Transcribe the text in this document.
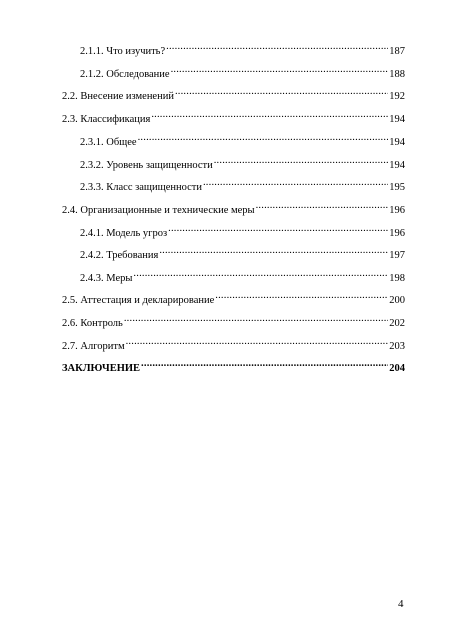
2.1.1. Что изучить? .....	187
2.1.2. Обследование .....	188
2.2. Внесение изменений .....	192
2.3. Классификация .....	194
2.3.1. Общее .....	194
2.3.2. Уровень защищенности .....	194
2.3.3. Класс защищенности .....	195
2.4. Организационные и технические меры .....	196
2.4.1. Модель угроз .....	196
2.4.2. Требования .....	197
2.4.3. Меры .....	198
2.5. Аттестация и декларирование .....	200
2.6. Контроль .....	202
2.7. Алгоритм .....	203
ЗАКЛЮЧЕНИЕ .....	204
4
